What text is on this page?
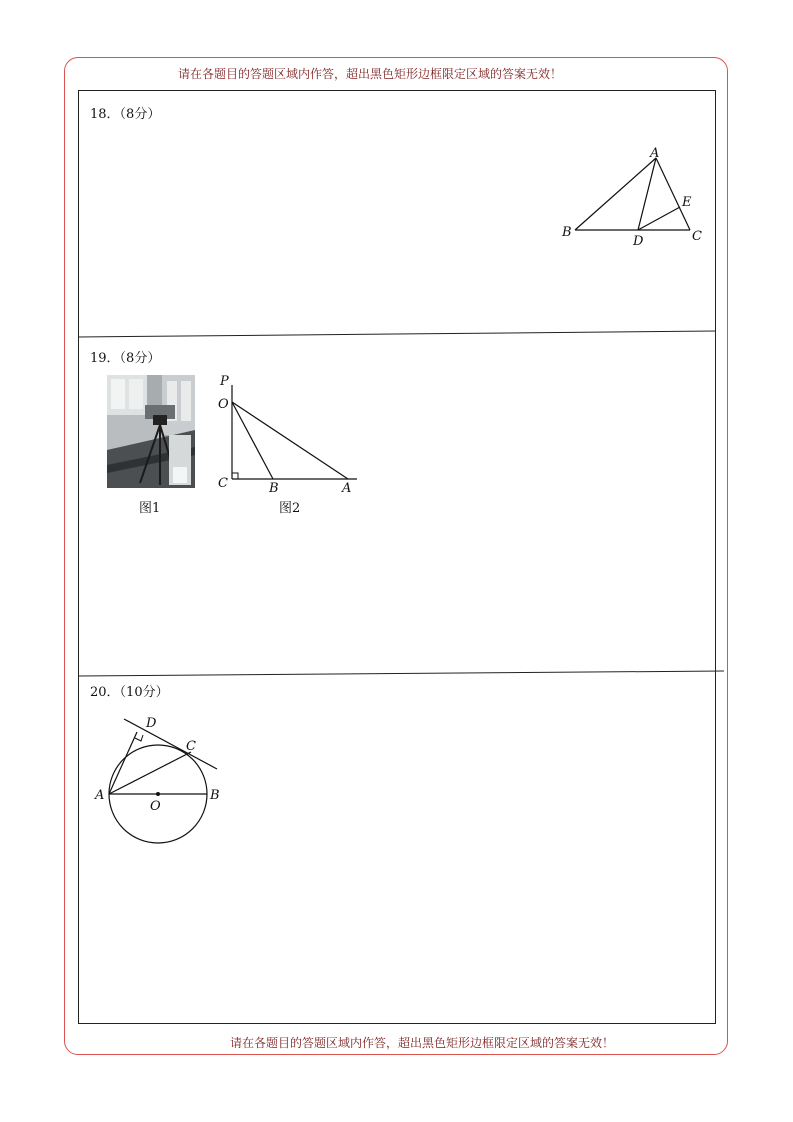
请在各题目的答题区域内作答，超出黑色矩形边框限定区域的答案无效！
18．（8分）
A
B	C
D
E
19．（8分）
图1
P
O
C	B	A
图2
20．（10分）
A	B
C
D
O
请在各题目的答题区域内作答，超出黑色矩形边框限定区域的答案无效！
